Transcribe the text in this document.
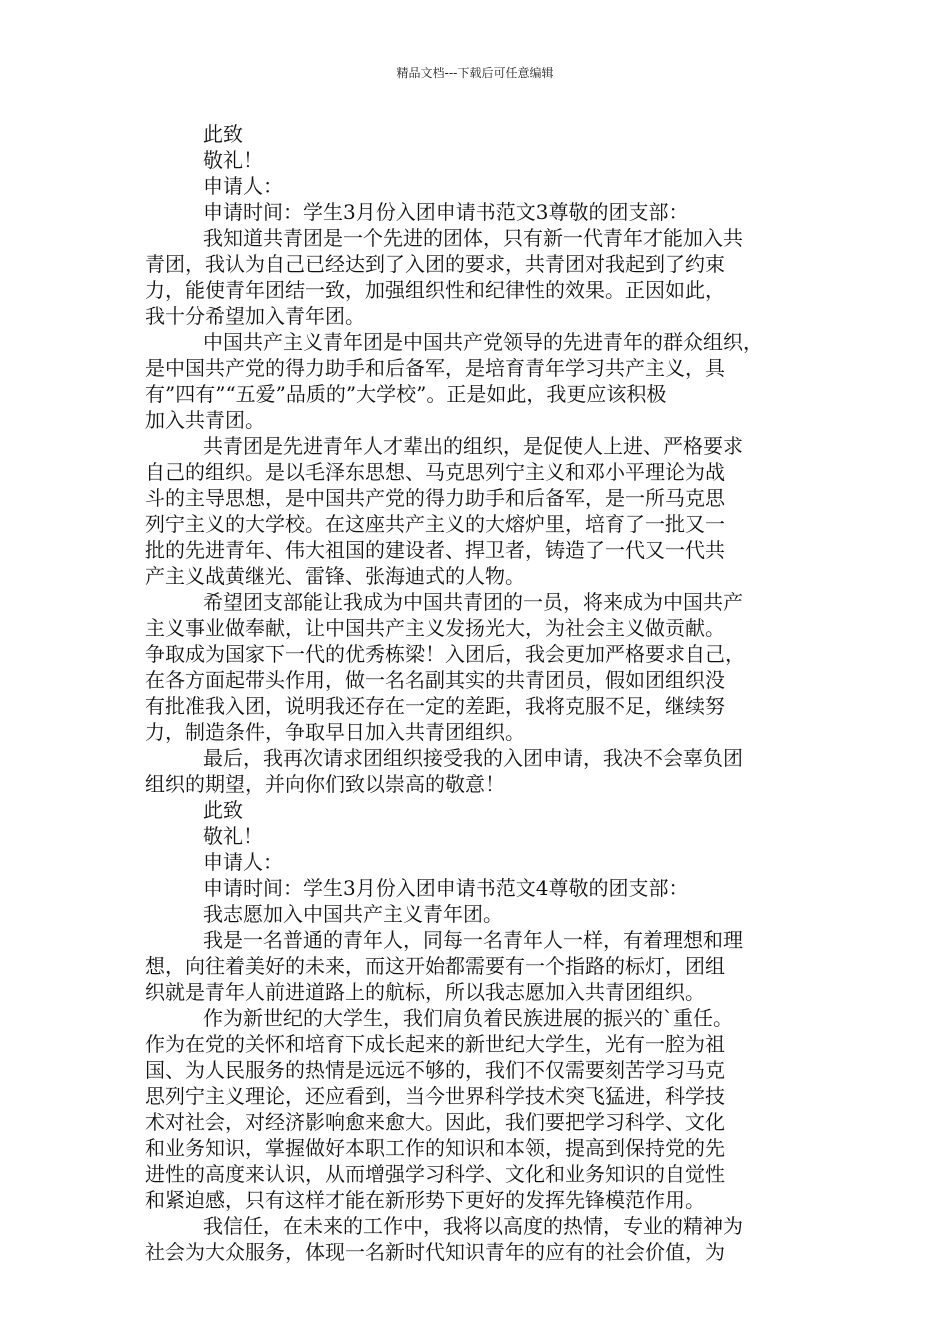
精品文档---下载后可任意编辑

此致

敬礼！

申请人：

申请时间：学生3月份入团申请书范文3尊敬的团支部：

我知道共青团是一个先进的团体，只有新一代青年才能加入共

青团，我认为自己已经达到了入团的要求，共青团对我起到了约束

力，能使青年团结一致，加强组织性和纪律性的效果。正因如此，

我十分希望加入青年团。

中国共产主义青年团是中国共产党领导的先进青年的群众组织，

是中国共产党的得力助手和后备军，是培育青年学习共产主义，具

有”四有”“五爱”品质的”大学校”。正是如此，我更应该积极

加入共青团。

共青团是先进青年人才辈出的组织，是促使人上进、严格要求

自己的组织。是以毛泽东思想、马克思列宁主义和邓小平理论为战

斗的主导思想，是中国共产党的得力助手和后备军，是一所马克思

列宁主义的大学校。在这座共产主义的大熔炉里，培育了一批又一

批的先进青年、伟大祖国的建设者、捍卫者，铸造了一代又一代共

产主义战黄继光、雷锋、张海迪式的人物。

希望团支部能让我成为中国共青团的一员，将来成为中国共产

主义事业做奉献，让中国共产主义发扬光大，为社会主义做贡献。

争取成为国家下一代的优秀栋梁！入团后，我会更加严格要求自己，

在各方面起带头作用，做一名名副其实的共青团员，假如团组织没

有批准我入团，说明我还存在一定的差距，我将克服不足，继续努

力，制造条件，争取早日加入共青团组织。

最后，我再次请求团组织接受我的入团申请，我决不会辜负团

组织的期望，并向你们致以崇高的敬意！

此致

敬礼！

申请人：

申请时间：学生3月份入团申请书范文4尊敬的团支部：

我志愿加入中国共产主义青年团。

我是一名普通的青年人，同每一名青年人一样，有着理想和理

想，向往着美好的未来，而这开始都需要有一个指路的标灯，团组

织就是青年人前进道路上的航标，所以我志愿加入共青团组织。

作为新世纪的大学生，我们肩负着民族进展的振兴的`重任。

作为在党的关怀和培育下成长起来的新世纪大学生，光有一腔为祖

国、为人民服务的热情是远远不够的，我们不仅需要刻苦学习马克

思列宁主义理论，还应看到，当今世界科学技术突飞猛进，科学技

术对社会，对经济影响愈来愈大。因此，我们要把学习科学、文化

和业务知识，掌握做好本职工作的知识和本领，提高到保持党的先

进性的高度来认识，从而增强学习科学、文化和业务知识的自觉性

和紧迫感，只有这样才能在新形势下更好的发挥先锋模范作用。

我信任，在未来的工作中，我将以高度的热情，专业的精神为

社会为大众服务，体现一名新时代知识青年的应有的社会价值，为
